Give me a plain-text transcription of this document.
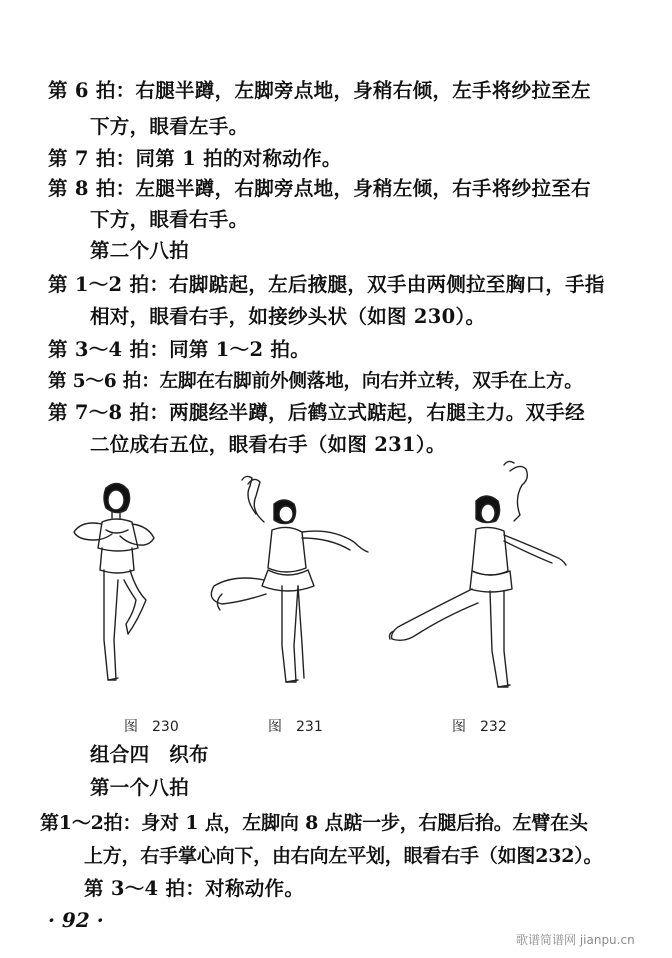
第 6 拍：右腿半蹲，左脚旁点地，身稍右倾，左手将纱拉至左
下方，眼看左手。
第 7 拍：同第 1 拍的对称动作。
第 8 拍：左腿半蹲，右脚旁点地，身稍左倾，右手将纱拉至右
下方，眼看右手。
第二个八拍
第 1～2 拍：右脚踮起，左后掖腿，双手由两侧拉至胸口，手指
相对，眼看右手，如接纱头状（如图 230）。
第 3～4 拍：同第 1～2 拍。
第 5～6 拍：左脚在右脚前外侧落地，向右并立转，双手在上方。
第 7～8 拍：两腿经半蹲，后鹤立式踮起，右腿主力。双手经
二位成右五位，眼看右手（如图 231）。
图　230	图　231	图　232
组合四　织布
第一个八拍
第1～2拍：身对 1 点，左脚向 8 点踮一步，右腿后抬。左臂在头
上方，右手掌心向下，由右向左平划，眼看右手（如图232）。
第 3～4 拍：对称动作。
· 92 ·
歌谱简谱网 jianpu.cn
